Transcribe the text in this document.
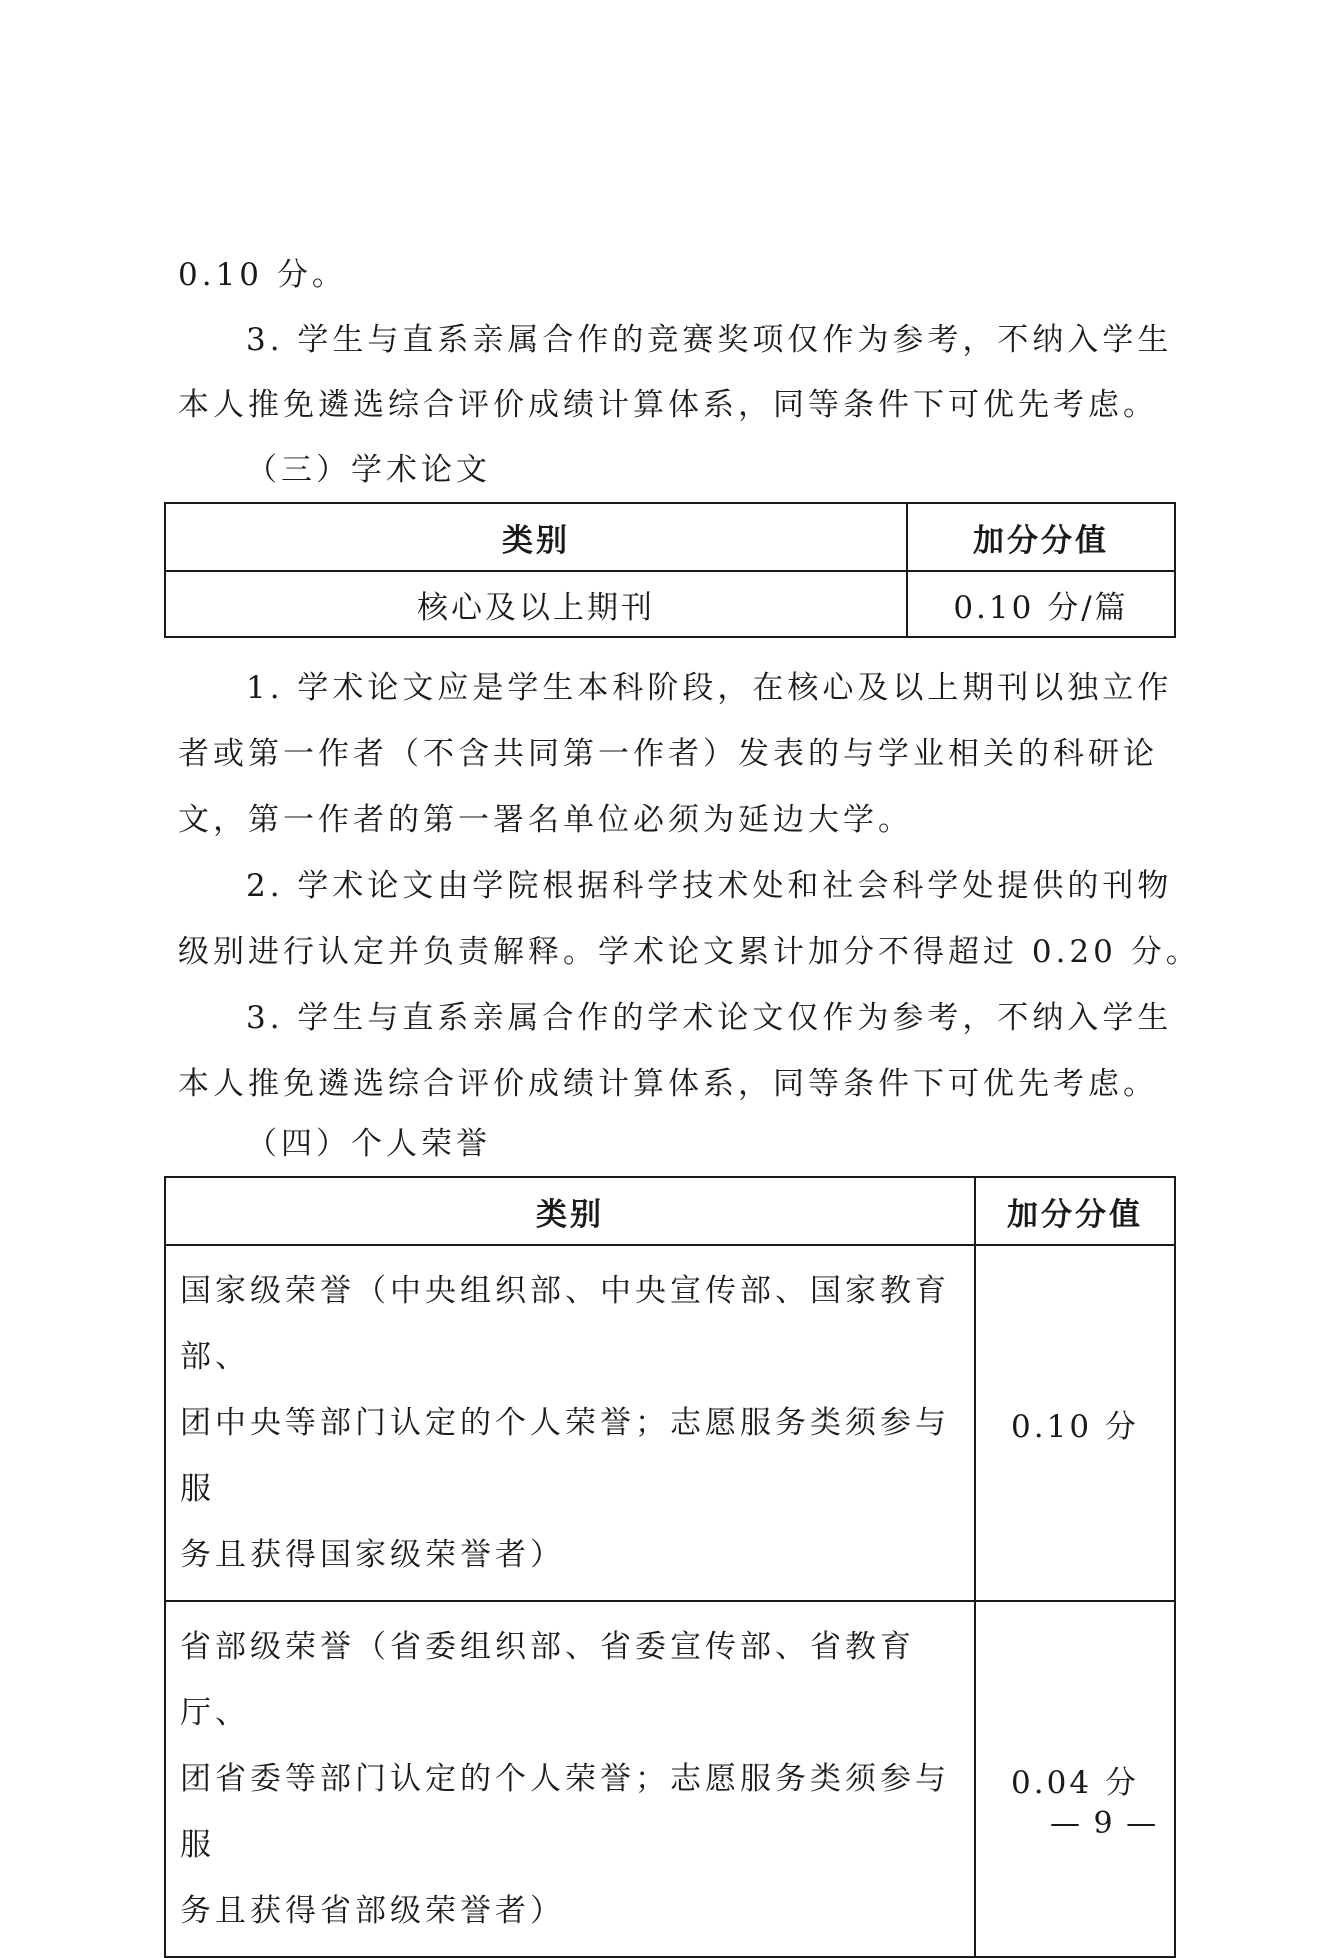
0.10 分。
3. 学生与直系亲属合作的竞赛奖项仅作为参考，不纳入学生
本人推免遴选综合评价成绩计算体系，同等条件下可优先考虑。
（三）学术论文
类别	加分分值
核心及以上期刊	0.10 分/篇
1. 学术论文应是学生本科阶段，在核心及以上期刊以独立作
者或第一作者（不含共同第一作者）发表的与学业相关的科研论
文，第一作者的第一署名单位必须为延边大学。
2. 学术论文由学院根据科学技术处和社会科学处提供的刊物
级别进行认定并负责解释。学术论文累计加分不得超过 0.20 分。
3. 学生与直系亲属合作的学术论文仅作为参考，不纳入学生
本人推免遴选综合评价成绩计算体系，同等条件下可优先考虑。
（四）个人荣誉
类别	加分分值
国家级荣誉（中央组织部、中央宣传部、国家教育部、
团中央等部门认定的个人荣誉；志愿服务类须参与服
务且获得国家级荣誉者）	0.10 分
省部级荣誉（省委组织部、省委宣传部、省教育厅、
团省委等部门认定的个人荣誉；志愿服务类须参与服
务且获得省部级荣誉者）	0.04 分
— 9 —
